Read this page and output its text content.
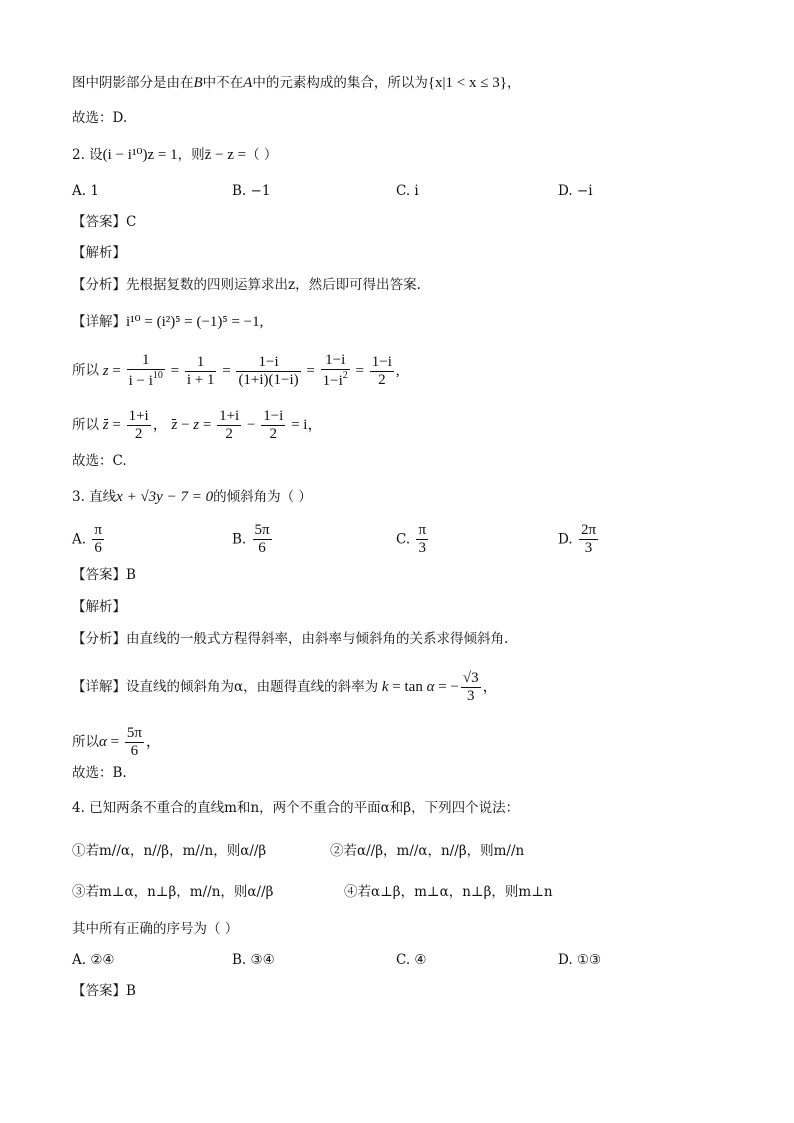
图中阴影部分是由在B中不在A中的元素构成的集合，所以为{x|1 < x ≤ 3}，
故选：D.
2. 设(i − i¹⁰)z = 1，则z̄ − z =（ ）
A. 1	B. −1	C. i	D. −i
【答案】C
【解析】
【分析】先根据复数的四则运算求出z，然后即可得出答案.
【详解】i¹⁰ = (i²)⁵ = (−1)⁵ = −1,
所以 $z = \frac{1}{i - i^{10}} = \frac{1}{i + 1} = \frac{1-i}{(1+i)(1-i)} = \frac{1-i}{1-i^2} = \frac{1-i}{2}$ ,
所以 $z = \frac{1+i}{2}$ ， $z - z = \frac{1+i}{2} - \frac{1-i}{2} = i$，
故选：C.
3. 直线x + √3y − 7 = 0的倾斜角为（ ）
A. $\frac{\pi}{6}$	B. $\frac{5\pi}{6}$	C. $\frac{\pi}{3}$	D. $\frac{2\pi}{3}$
【答案】B
【解析】
【分析】由直线的一般式方程得斜率，由斜率与倾斜角的关系求得倾斜角.
【详解】设直线的倾斜角为α，由题得直线的斜率为 k = tan α = − $\frac{√3}{3}$ ，
所以$\alpha = \frac{5\pi}{6}$ ，
故选：B.
4. 已知两条不重合的直线m和n，两个不重合的平面α和β，下列四个说法：
①若m//α，n//β，m//n，则α//β	②若α//β，m//α，n//β，则m//n
③若m⊥α，n⊥β，m//n，则α//β	④若α⊥β，m⊥α，n⊥β，则m⊥n
其中所有正确的序号为（ ）
A. ②④	B. ③④	C. ④	D. ①③
【答案】B
